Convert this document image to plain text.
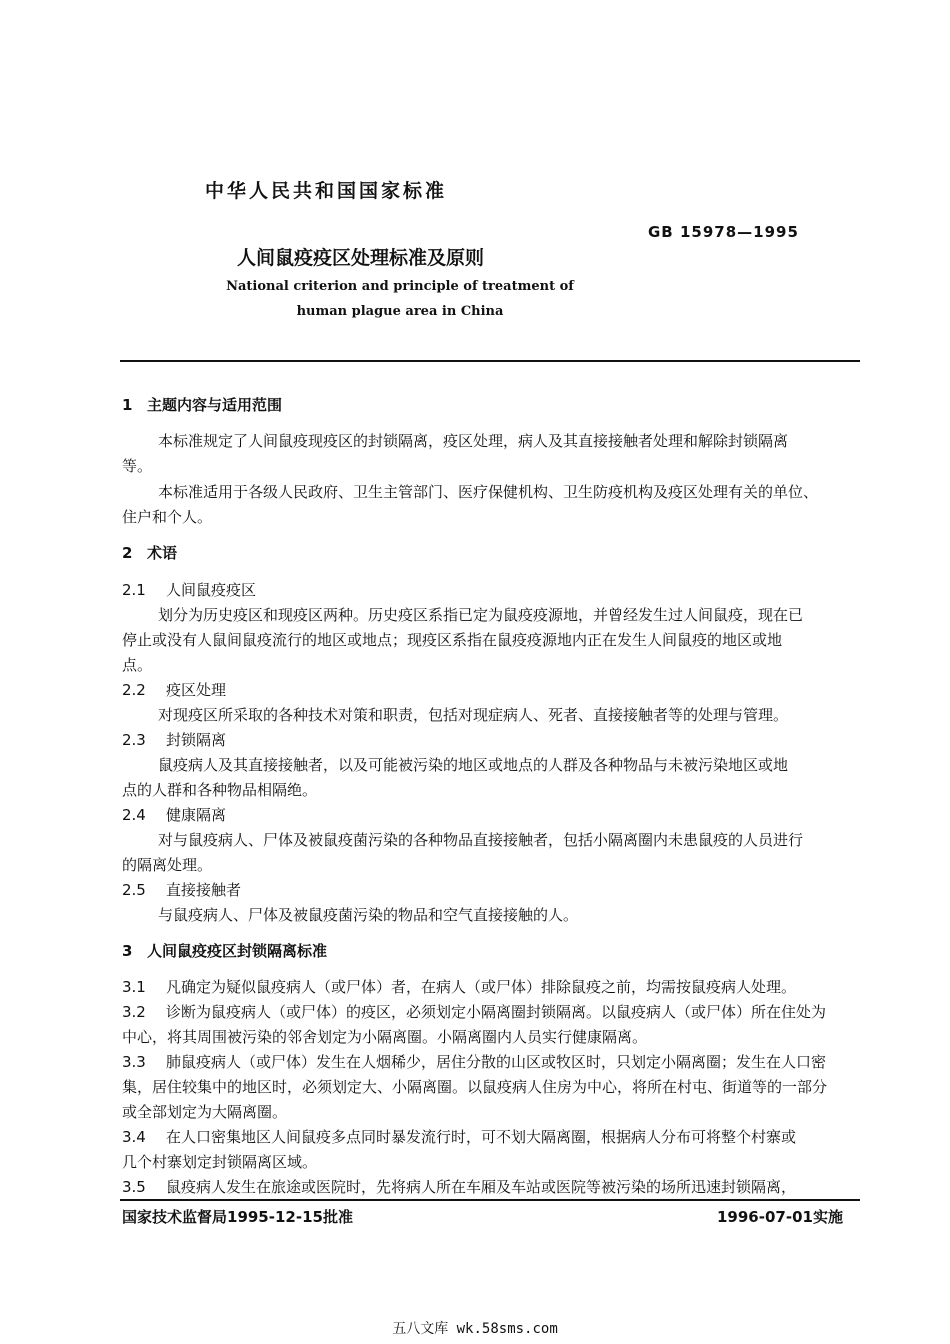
中华人民共和国国家标准
GB 15978—1995
人间鼠疫疫区处理标准及原则
National criterion and principle of treatment of
human plague area in China
1 主题内容与适用范围
本标准规定了人间鼠疫现疫区的封锁隔离，疫区处理，病人及其直接接触者处理和解除封锁隔离
等。
本标准适用于各级人民政府、卫生主管部门、医疗保健机构、卫生防疫机构及疫区处理有关的单位、
住户和个人。
2 术语
2.1 人间鼠疫疫区
划分为历史疫区和现疫区两种。历史疫区系指已定为鼠疫疫源地，并曾经发生过人间鼠疫，现在已
停止或没有人鼠间鼠疫流行的地区或地点；现疫区系指在鼠疫疫源地内正在发生人间鼠疫的地区或地
点。
2.2 疫区处理
对现疫区所采取的各种技术对策和职责，包括对现症病人、死者、直接接触者等的处理与管理。
2.3 封锁隔离
鼠疫病人及其直接接触者，以及可能被污染的地区或地点的人群及各种物品与未被污染地区或地
点的人群和各种物品相隔绝。
2.4 健康隔离
对与鼠疫病人、尸体及被鼠疫菌污染的各种物品直接接触者，包括小隔离圈内未患鼠疫的人员进行
的隔离处理。
2.5 直接接触者
与鼠疫病人、尸体及被鼠疫菌污染的物品和空气直接接触的人。
3 人间鼠疫疫区封锁隔离标准
3.1 凡确定为疑似鼠疫病人（或尸体）者，在病人（或尸体）排除鼠疫之前，均需按鼠疫病人处理。
3.2 诊断为鼠疫病人（或尸体）的疫区，必须划定小隔离圈封锁隔离。以鼠疫病人（或尸体）所在住处为
中心，将其周围被污染的邻舍划定为小隔离圈。小隔离圈内人员实行健康隔离。
3.3 肺鼠疫病人（或尸体）发生在人烟稀少，居住分散的山区或牧区时，只划定小隔离圈；发生在人口密
集，居住较集中的地区时，必须划定大、小隔离圈。以鼠疫病人住房为中心，将所在村屯、街道等的一部分
或全部划定为大隔离圈。
3.4 在人口密集地区人间鼠疫多点同时暴发流行时，可不划大隔离圈，根据病人分布可将整个村寨或
几个村寨划定封锁隔离区域。
3.5 鼠疫病人发生在旅途或医院时，先将病人所在车厢及车站或医院等被污染的场所迅速封锁隔离，
国家技术监督局1995-12-15批准	1996-07-01实施
五八文库 wk.58sms.com
